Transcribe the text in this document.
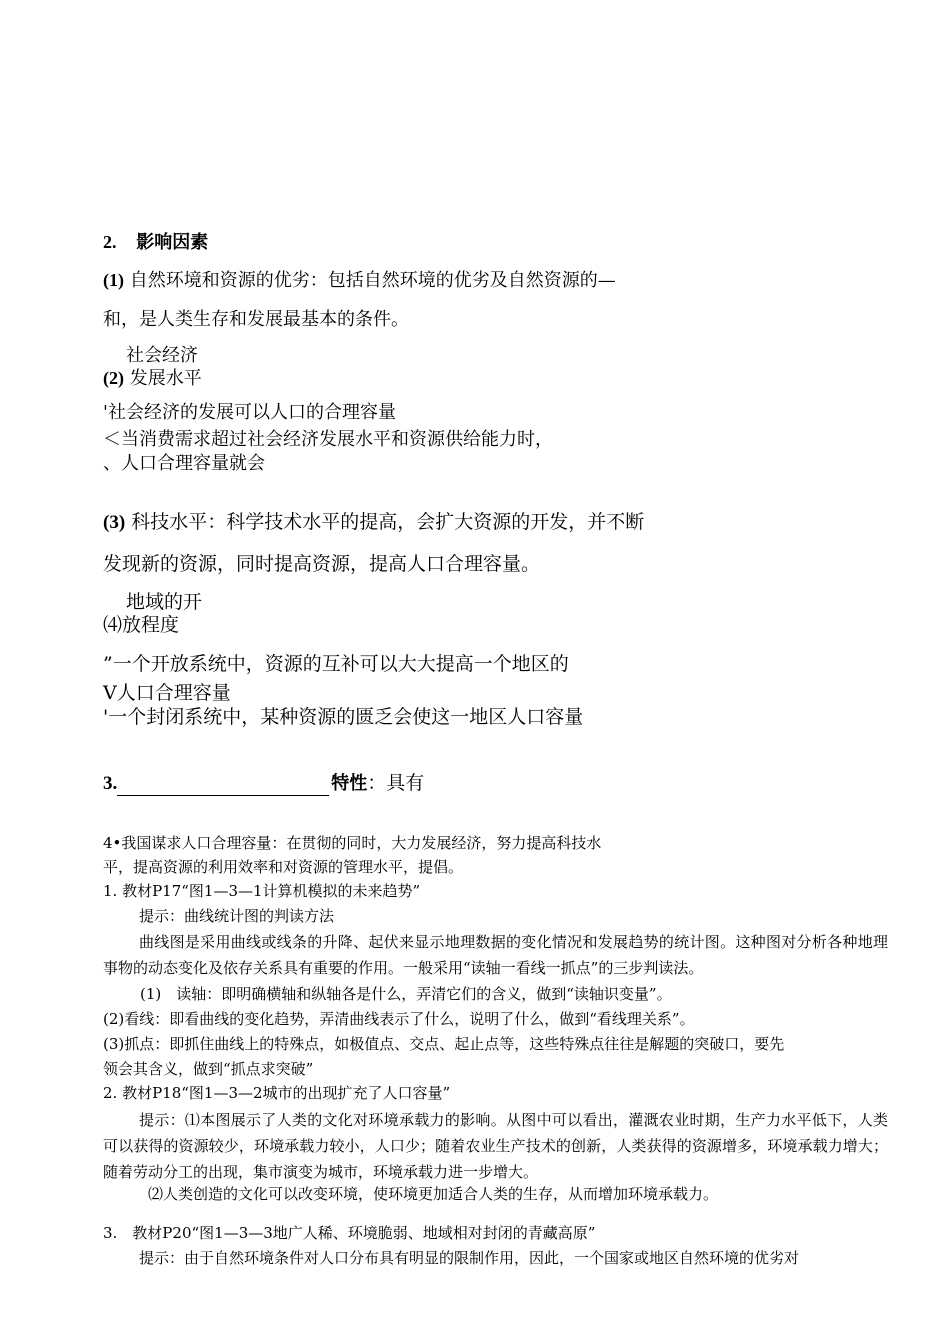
2. 影响因素
(1) 自然环境和资源的优劣：包括自然环境的优劣及自然资源的—
和，是人类生存和发展最基本的条件。
社会经济
(2) 发展水平
'社会经济的发展可以人口的合理容量
＜当消费需求超过社会经济发展水平和资源供给能力时，
、人口合理容量就会
(3) 科技水平：科学技术水平的提高，会扩大资源的开发，并不断
发现新的资源，同时提高资源，提高人口合理容量。
地域的开
⑷放程度
”一个开放系统中，资源的互补可以大大提高一个地区的
V人口合理容量
'一个封闭系统中，某种资源的匮乏会使这一地区人口容量
3.	特性：具有
4•我国谋求人口合理容量：在贯彻的同时，大力发展经济，努力提高科技水
平，提高资源的利用效率和对资源的管理水平，提倡。
1. 教材P17“图1—3—1计算机模拟的未来趋势”
提示：曲线统计图的判读方法
曲线图是采用曲线或线条的升降、起伏来显示地理数据的变化情况和发展趋势的统计图。这种图对分析各种地理事物的动态变化及依存关系具有重要的作用。一般采用“读轴一看线一抓点”的三步判读法。
(1)　读轴：即明确横轴和纵轴各是什么，弄清它们的含义，做到“读轴识变量”。
(2)看线：即看曲线的变化趋势，弄清曲线表示了什么，说明了什么，做到“看线理关系”。
(3)抓点：即抓住曲线上的特殊点，如极值点、交点、起止点等，这些特殊点往往是解题的突破口，要先
领会其含义，做到“抓点求突破”
2. 教材P18“图1—3—2城市的出现扩充了人口容量”
提示：⑴本图展示了人类的文化对环境承载力的影响。从图中可以看出，灌溉农业时期，生产力水平低下，人类可以获得的资源较少，环境承载力较小，人口少；随着农业生产技术的创新，人类获得的资源增多，环境承载力增大；随着劳动分工的出现，集市演变为城市，环境承载力进一步增大。
⑵人类创造的文化可以改变环境，使环境更加适合人类的生存，从而增加环境承载力。
3.　教材P20“图1—3—3地广人稀、环境脆弱、地域相对封闭的青藏高原”
提示：由于自然环境条件对人口分布具有明显的限制作用，因此，一个国家或地区自然环境的优劣对
